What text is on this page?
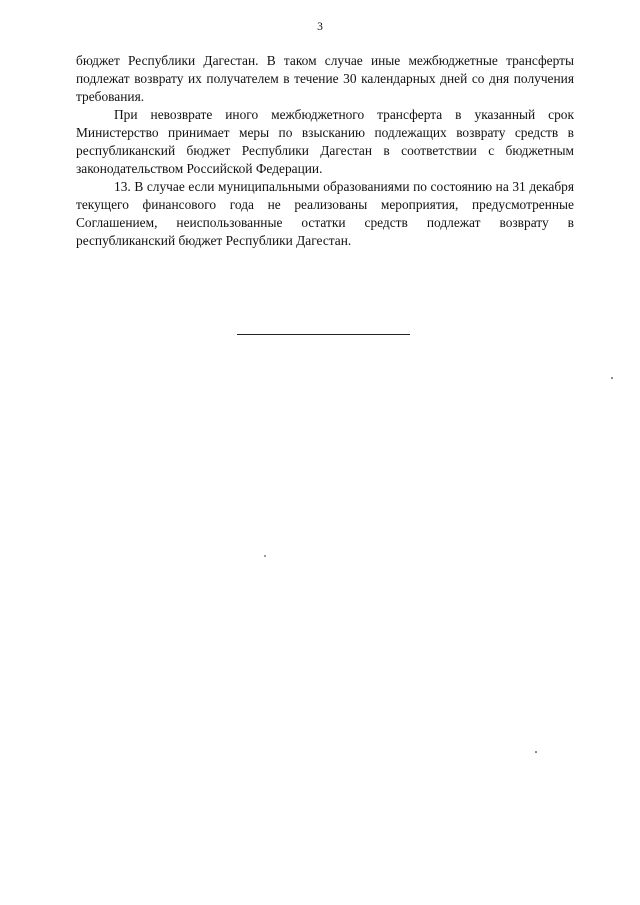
3

бюджет Республики Дагестан. В таком случае иные межбюджетные трансферты подлежат возврату их получателем в течение 30 календарных дней со дня получения требования.

При невозврате иного межбюджетного трансферта в указанный срок Министерство принимает меры по взысканию подлежащих возврату средств в республиканский бюджет Республики Дагестан в соответствии с бюджетным законодательством Российской Федерации.

13. В случае если муниципальными образованиями по состоянию на 31 декабря текущего финансового года не реализованы мероприятия, предусмотренные Соглашением, неиспользованные остатки средств подлежат возврату в республиканский бюджет Республики Дагестан.
